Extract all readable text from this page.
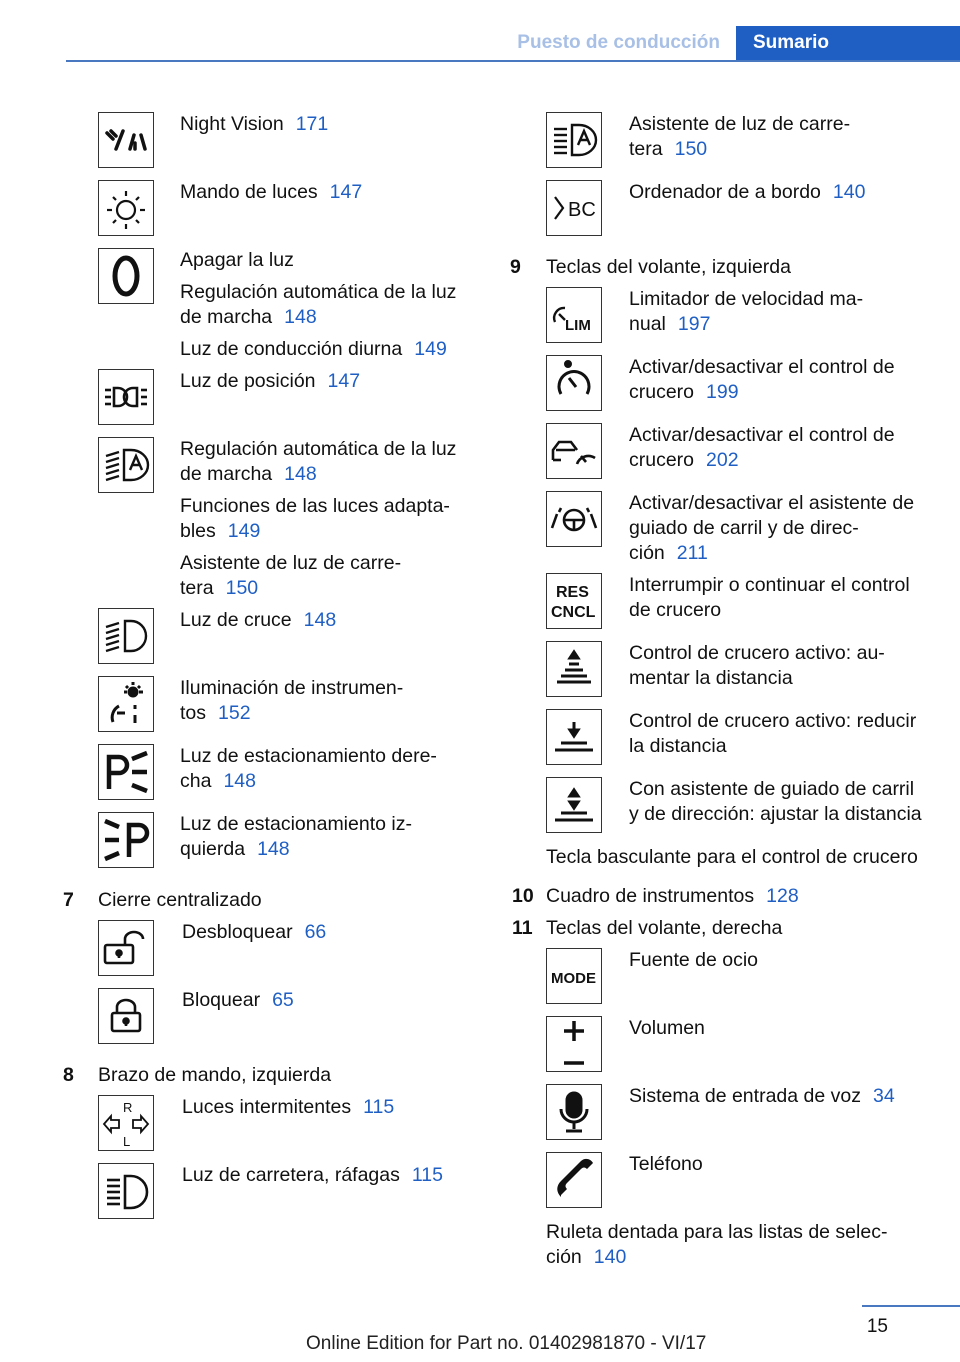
Puesto de conducción	Sumario
Night Vision 171
Mando de luces 147
Apagar la luz
Regulación automática de la luz
de marcha 148
Luz de conducción diurna 149
Luz de posición 147
Regulación automática de la luz
de marcha 148
Funciones de las luces adapta-
bles 149
Asistente de luz de carre-
tera 150
Luz de cruce 148
Iluminación de instrumen-
tos 152
Luz de estacionamiento dere-
cha 148
Luz de estacionamiento iz-
quierda 148
7 Cierre centralizado
Desbloquear 66
Bloquear 65
8 Brazo de mando, izquierda
R
L
Luces intermitentes 115
Luz de carretera, ráfagas 115
Asistente de luz de carre-
tera 150
BC
Ordenador de a bordo 140
9 Teclas del volante, izquierda
LIM
Limitador de velocidad ma-
nual 197
Activar/desactivar el control de
crucero 199
Activar/desactivar el control de
crucero 202
Activar/desactivar el asistente de
guiado de carril y de direc-
ción 211
RES
CNCL
Interrumpir o continuar el control
de crucero
Control de crucero activo: au-
mentar la distancia
Control de crucero activo: reducir
la distancia
Con asistente de guiado de carril
y de dirección: ajustar la distancia
Tecla basculante para el control de crucero
10 Cuadro de instrumentos 128
11 Teclas del volante, derecha
MODE
Fuente de ocio
Volumen
Sistema de entrada de voz 34
Teléfono
Ruleta dentada para las listas de selec-
ción 140
15
Online Edition for Part no. 01402981870 - VI/17
